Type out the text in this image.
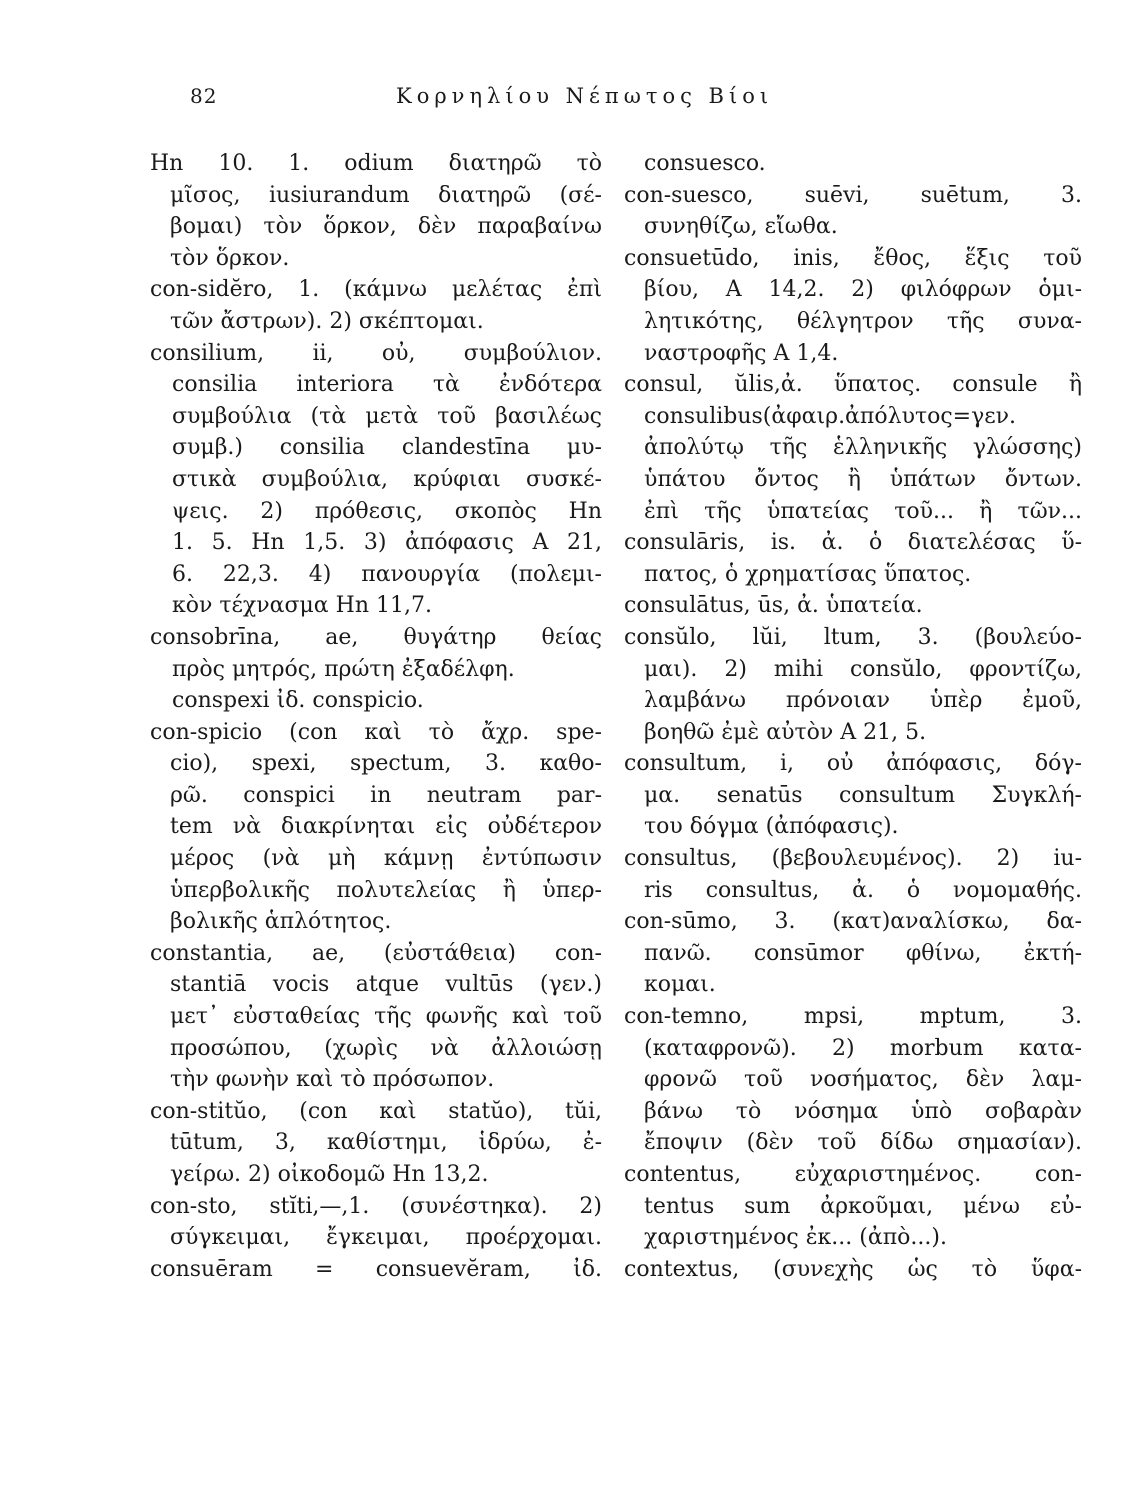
82	Κορνηλίου Νέπωτος Βίοι
Hn 10. 1. odium διατηρῶ τὸ
μῖσος, iusiurandum διατηρῶ (σέ-
βομαι) τὸν ὅρκον, δὲν παραβαίνω
τὸν ὅρκον.
con-sidĕro, 1. (κάμνω μελέτας ἐπὶ
τῶν ἄστρων). 2) σκέπτομαι.
consilium, ii, οὐ, συμβούλιον.
consilia interiora τὰ ἐνδότερα
συμβούλια (τὰ μετὰ τοῦ βασιλέως
συμβ.) consilia clandestīna μυ-
στικὰ συμβούλια, κρύφιαι συσκέ-
ψεις. 2) πρόθεσις, σκοπὸς Hn
1. 5. Hn 1,5. 3) ἀπόφασις A 21,
6. 22,3. 4) πανουργία (πολεμι-
κὸν τέχνασμα Hn 11,7.
consobrīna, ae, θυγάτηρ θείας
πρὸς μητρός, πρώτη ἐξαδέλφη.
conspexi ἰδ. conspicio.
con-spicio (con καὶ τὸ ἄχρ. spe-
cio), spexi, spectum, 3. καθο-
ρῶ. conspici in neutram par-
tem νὰ διακρίνηται εἰς οὐδέτερον
μέρος (νὰ μὴ κάμνῃ ἐντύπωσιν
ὑπερβολικῆς πολυτελείας ἢ ὑπερ-
βολικῆς ἁπλότητος.
constantia, ae, (εὐστάθεια) con-
stantiā vocis atque vultūs (γεν.)
μετ᾿ εὐσταθείας τῆς φωνῆς καὶ τοῦ
προσώπου, (χωρὶς νὰ ἀλλοιώσῃ
τὴν φωνὴν καὶ τὸ πρόσωπον.
con-stitŭo, (con καὶ statŭo), tŭi,
tūtum, 3, καθίστημι, ἱδρύω, ἐ-
γείρω. 2) οἰκοδομῶ Hn 13,2.
con-sto, stĭti,—,1. (συνέστηκα). 2)
σύγκειμαι, ἔγκειμαι, προέρχομαι.
consuēram = consuevĕram, ἰδ.
consuesco.
con-suesco, suēvi, suētum, 3.
συνηθίζω, εἴωθα.
consuetūdo, inis, ἔθος, ἕξις τοῦ
βίου, A 14,2. 2) φιλόφρων ὁμι-
λητικότης, θέλγητρον τῆς συνα-
ναστροφῆς A 1,4.
consul, ŭlis,ἀ. ὕπατος. consule ἢ
consulibus(ἀφαιρ.ἀπόλυτος=γεν.
ἀπολύτῳ τῆς ἑλληνικῆς γλώσσης)
ὑπάτου ὄντος ἢ ὑπάτων ὄντων.
ἐπὶ τῆς ὑπατείας τοῦ... ἢ τῶν...
consulāris, is. ἀ. ὁ διατελέσας ὕ-
πατος, ὁ χρηματίσας ὕπατος.
consulātus, ūs, ἀ. ὑπατεία.
consŭlo, lŭi, ltum, 3. (βουλεύο-
μαι). 2) mihi consŭlo, φροντίζω,
λαμβάνω πρόνοιαν ὑπὲρ ἐμοῦ,
βοηθῶ ἐμὲ αὐτὸν A 21, 5.
consultum, i, οὐ ἀπόφασις, δόγ-
μα. senatūs consultum Συγκλή-
του δόγμα (ἀπόφασις).
consultus, (βεβουλευμένος). 2) iu-
ris consultus, ἀ. ὁ νομομαθής.
con-sūmo, 3. (κατ)αναλίσκω, δα-
πανῶ. consūmor φθίνω, ἐκτή-
κομαι.
con-temno, mpsi, mptum, 3.
(καταφρονῶ). 2) morbum κατα-
φρονῶ τοῦ νοσήματος, δὲν λαμ-
βάνω τὸ νόσημα ὑπὸ σοβαρὰν
ἔποψιν (δὲν τοῦ δίδω σημασίαν).
contentus, εὐχαριστημένος. con-
tentus sum ἀρκοῦμαι, μένω εὐ-
χαριστημένος ἐκ... (ἀπὸ...).
contextus, (συνεχὴς ὡς τὸ ὕφα-
